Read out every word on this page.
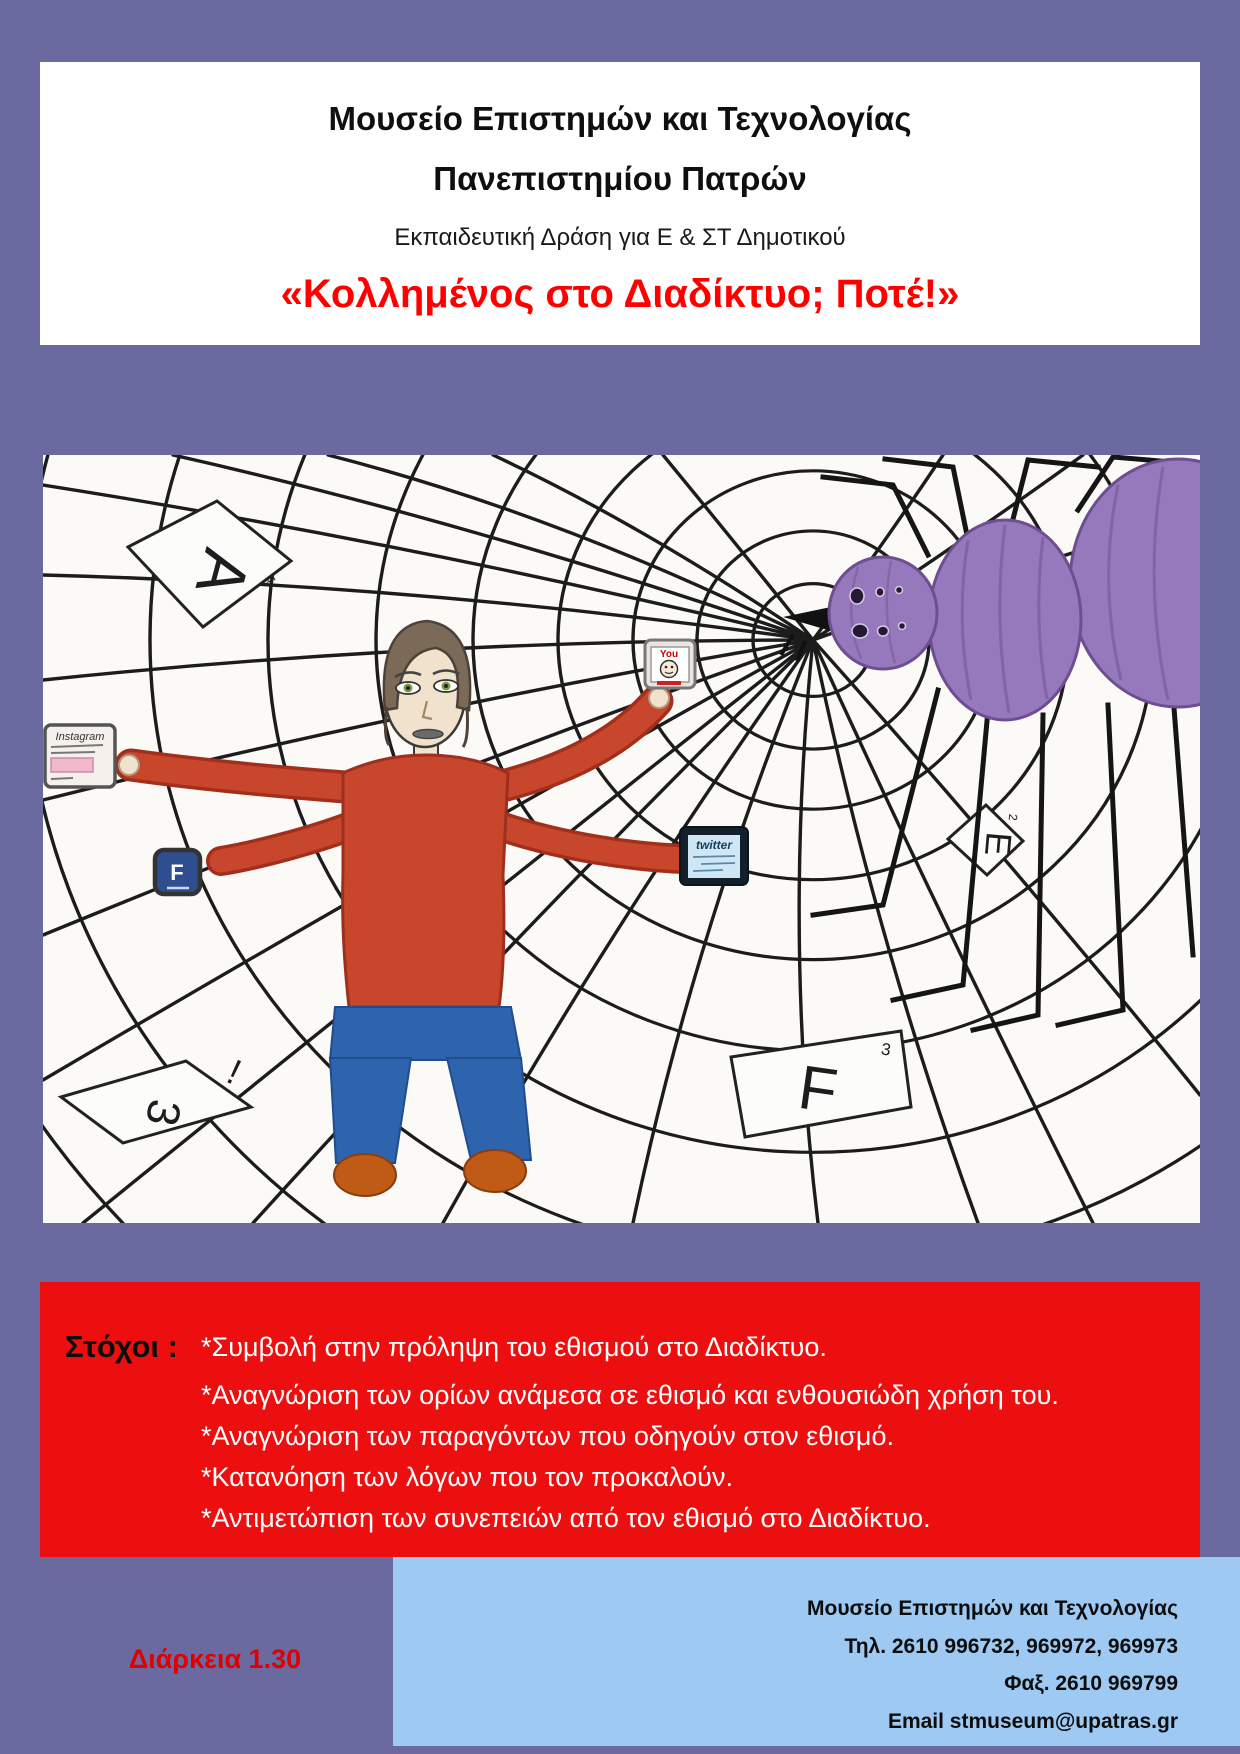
Μουσείο Επιστημών και Τεχνολογίας
Πανεπιστημίου Πατρών
Εκπαιδευτική Δράση για Ε & ΣΤ Δημοτικού
«Κολλημένος στο Διαδίκτυο; Ποτέ!»
A
ω
E
2
F
3
3
!
Instagram
F
twitter
You
Στόχοι : *Συμβολή στην πρόληψη του εθισμού στο Διαδίκτυο.
*Αναγνώριση των ορίων ανάμεσα σε εθισμό και ενθουσιώδη χρήση του.
*Αναγνώριση των παραγόντων που οδηγούν στον εθισμό.
*Κατανόηση των λόγων που τον προκαλούν.
*Αντιμετώπιση των συνεπειών από τον εθισμό στο Διαδίκτυο.
Διάρκεια 1.30
Μουσείο Επιστημών και Τεχνολογίας
Τηλ. 2610 996732, 969972, 969973
Φαξ. 2610 969799
Email stmuseum@upatras.gr
